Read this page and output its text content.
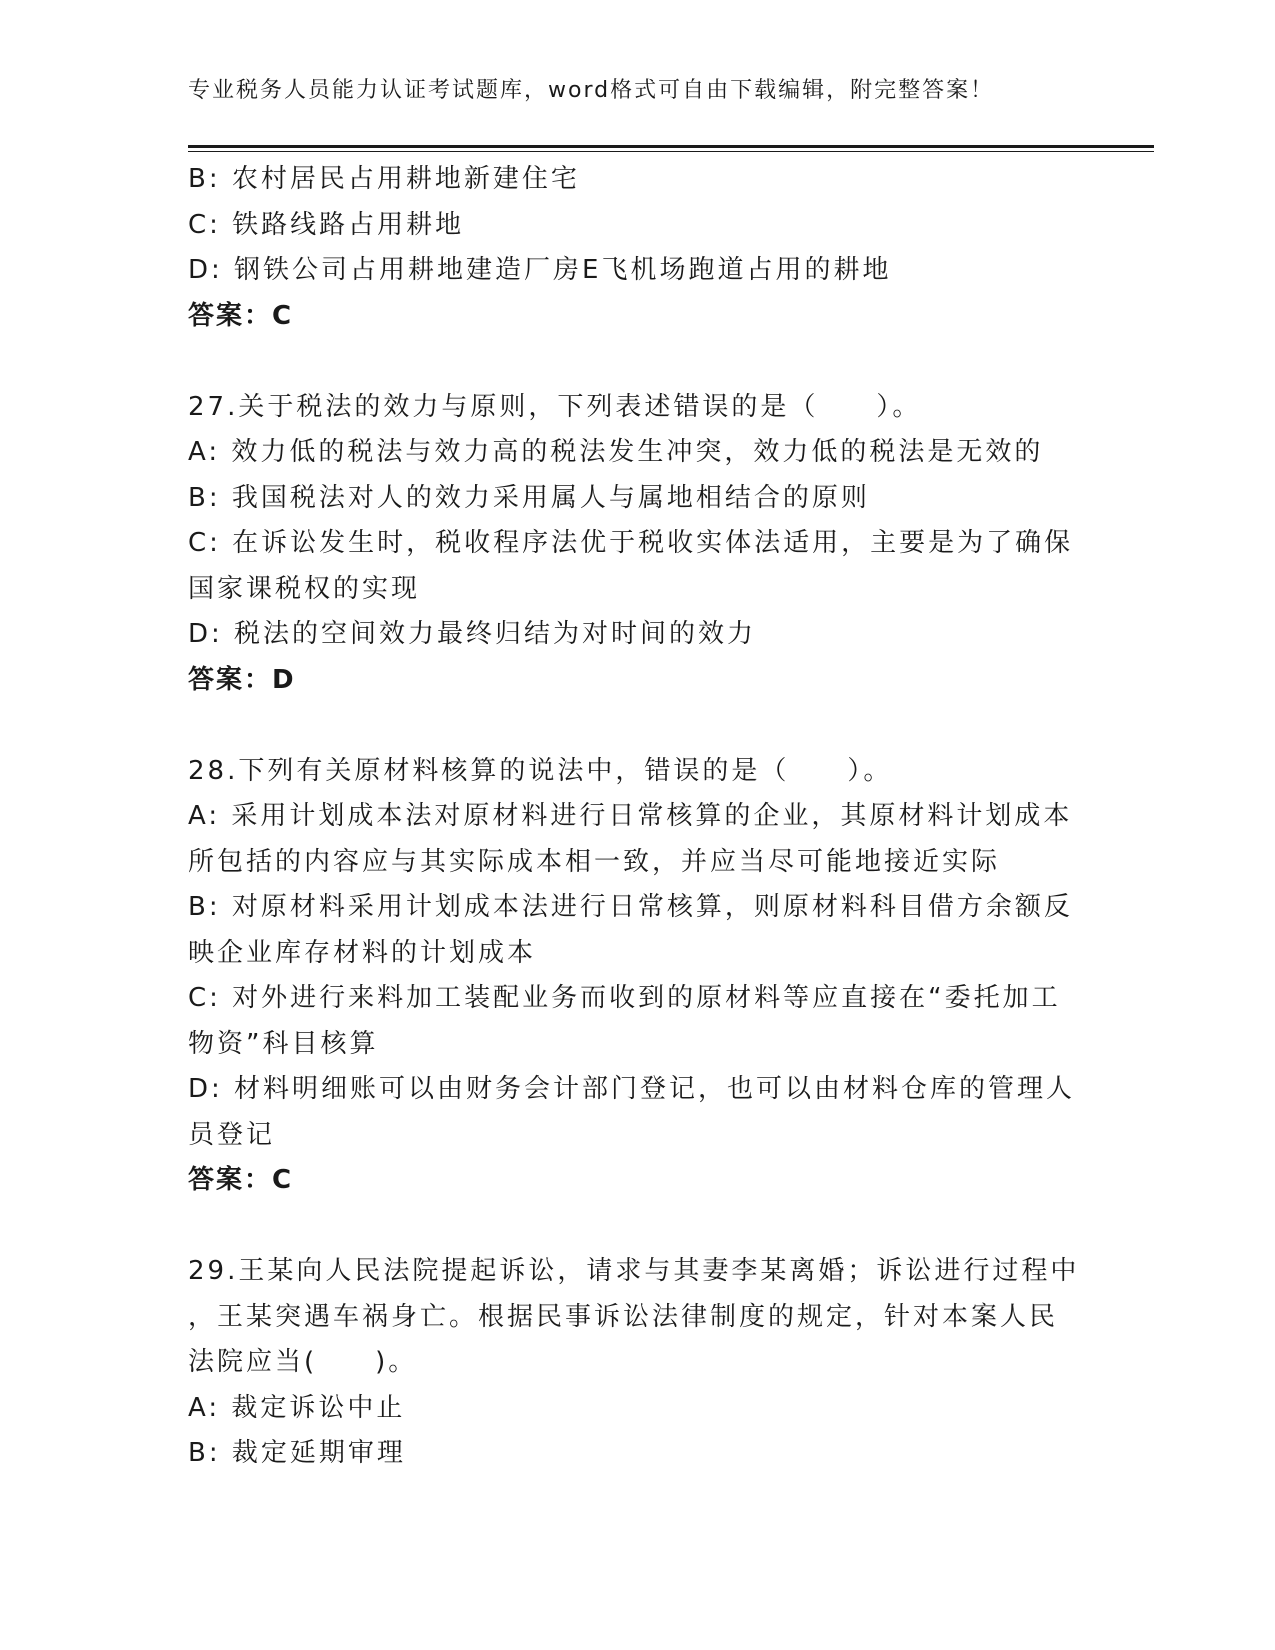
专业税务人员能力认证考试题库，word格式可自由下载编辑，附完整答案！
B: 农村居民占用耕地新建住宅
C: 铁路线路占用耕地
D: 钢铁公司占用耕地建造厂房E飞机场跑道占用的耕地
答案：C
27.关于税法的效力与原则，下列表述错误的是（　　）。
A: 效力低的税法与效力高的税法发生冲突，效力低的税法是无效的
B: 我国税法对人的效力采用属人与属地相结合的原则
C: 在诉讼发生时，税收程序法优于税收实体法适用，主要是为了确保
国家课税权的实现
D: 税法的空间效力最终归结为对时间的效力
答案：D
28.下列有关原材料核算的说法中，错误的是（　　）。
A: 采用计划成本法对原材料进行日常核算的企业，其原材料计划成本
所包括的内容应与其实际成本相一致，并应当尽可能地接近实际
B: 对原材料采用计划成本法进行日常核算，则原材料科目借方余额反
映企业库存材料的计划成本
C: 对外进行来料加工装配业务而收到的原材料等应直接在“委托加工
物资”科目核算
D: 材料明细账可以由财务会计部门登记，也可以由材料仓库的管理人
员登记
答案：C
29.王某向人民法院提起诉讼，请求与其妻李某离婚；诉讼进行过程中
，王某突遇车祸身亡。根据民事诉讼法律制度的规定，针对本案人民
法院应当(　　)。
A: 裁定诉讼中止
B: 裁定延期审理
